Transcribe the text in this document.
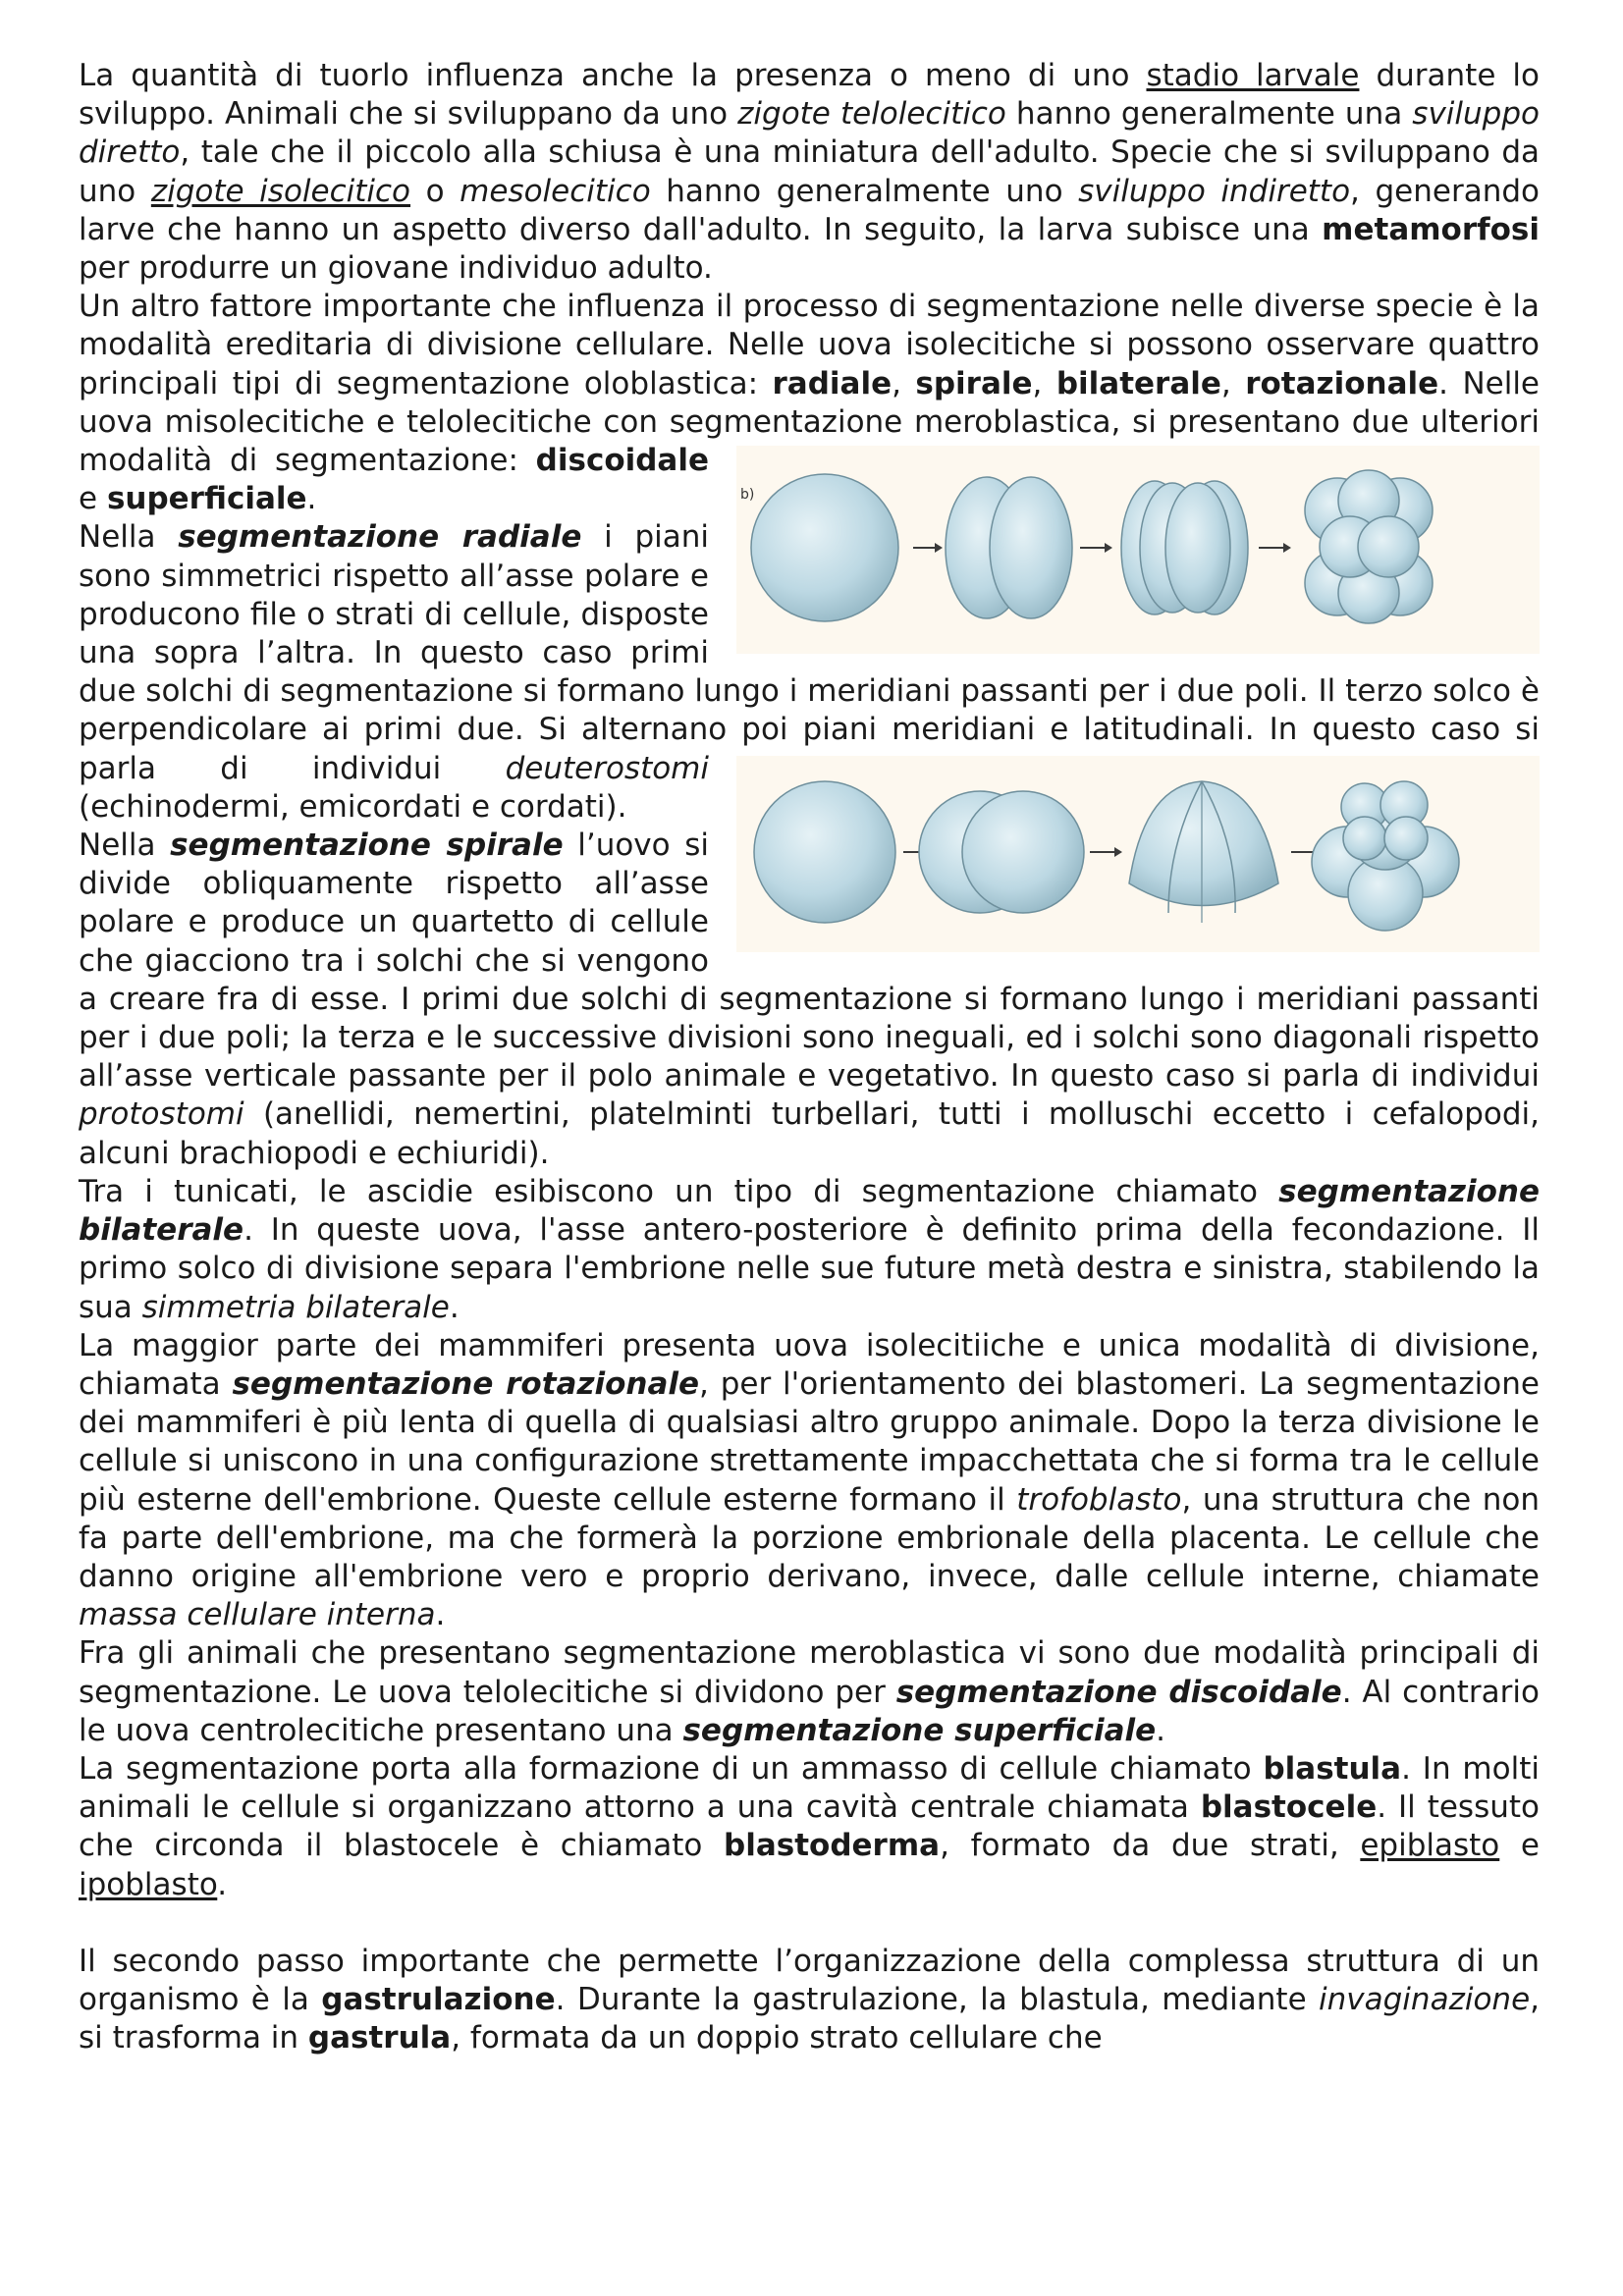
La quantità di tuorlo influenza anche la presenza o meno di uno stadio larvale durante lo sviluppo. Animali che si sviluppano da uno zigote telolecitico hanno generalmente una sviluppo diretto, tale che il piccolo alla schiusa è una miniatura dell'adulto. Specie che si sviluppano da uno zigote isolecitico o mesolecitico hanno generalmente uno sviluppo indiretto, generando larve che hanno un aspetto diverso dall'adulto. In seguito, la larva subisce una metamorfosi per produrre un giovane individuo adulto.

Un altro fattore importante che influenza il processo di segmentazione nelle diverse specie è la modalità ereditaria di divisione cellulare. Nelle uova isolecitiche si possono osservare quattro principali tipi di segmentazione oloblastica: radiale, spirale, bilaterale, rotazionale. Nelle uova misolecitiche e telolecitiche con segmentazione meroblastica, si presentano due ulteriori modalità di segmentazione:
b)
discoidale e superficiale.

Nella segmentazione radiale i piani sono simmetrici rispetto all’asse polare e producono file o strati di cellule, disposte una sopra l’altra. In questo caso primi due solchi di segmentazione si formano lungo i meridiani passanti per i due poli. Il terzo solco è perpendicolare ai primi due. Si alternano poi piani meridiani e latitudinali. In questo caso si parla di individui deuterostomi
(echinodermi, emicordati e cordati).

Nella segmentazione spirale l’uovo si divide obliquamente rispetto all’asse polare e produce un quartetto di cellule che giacciono tra i solchi che si vengono a creare fra di esse. I primi due solchi di segmentazione si formano lungo i meridiani passanti per i due poli; la terza e le successive divisioni sono ineguali, ed i solchi sono diagonali rispetto all’asse verticale passante per il polo animale e vegetativo. In questo caso si parla di individui protostomi (anellidi, nemertini, platelminti turbellari, tutti i molluschi eccetto i cefalopodi, alcuni brachiopodi e echiuridi).

Tra i tunicati, le ascidie esibiscono un tipo di segmentazione chiamato segmentazione bilaterale. In queste uova, l'asse antero-posteriore è definito prima della fecondazione. Il primo solco di divisione separa l'embrione nelle sue future metà destra e sinistra, stabilendo la sua simmetria bilaterale.

La maggior parte dei mammiferi presenta uova isolecitiiche e unica modalità di divisione, chiamata segmentazione rotazionale, per l'orientamento dei blastomeri. La segmentazione dei mammiferi è più lenta di quella di qualsiasi altro gruppo animale. Dopo la terza divisione le cellule si uniscono in una configurazione strettamente impacchettata che si forma tra le cellule più esterne dell'embrione. Queste cellule esterne formano il trofoblasto, una struttura che non fa parte dell'embrione, ma che formerà la porzione embrionale della placenta. Le cellule che danno origine all'embrione vero e proprio derivano, invece, dalle cellule interne, chiamate massa cellulare interna.

Fra gli animali che presentano segmentazione meroblastica vi sono due modalità principali di segmentazione. Le uova telolecitiche si dividono per segmentazione discoidale. Al contrario le uova centrolecitiche presentano una segmentazione superficiale.

La segmentazione porta alla formazione di un ammasso di cellule chiamato blastula. In molti animali le cellule si organizzano attorno a una cavità centrale chiamata blastocele. Il tessuto che circonda il blastocele è chiamato blastoderma, formato da due strati, epiblasto e ipoblasto.

Il secondo passo importante che permette l’organizzazione della complessa struttura di un organismo è la gastrulazione. Durante la gastrulazione, la blastula, mediante invaginazione, si trasforma in gastrula, formata da un doppio strato cellulare che
